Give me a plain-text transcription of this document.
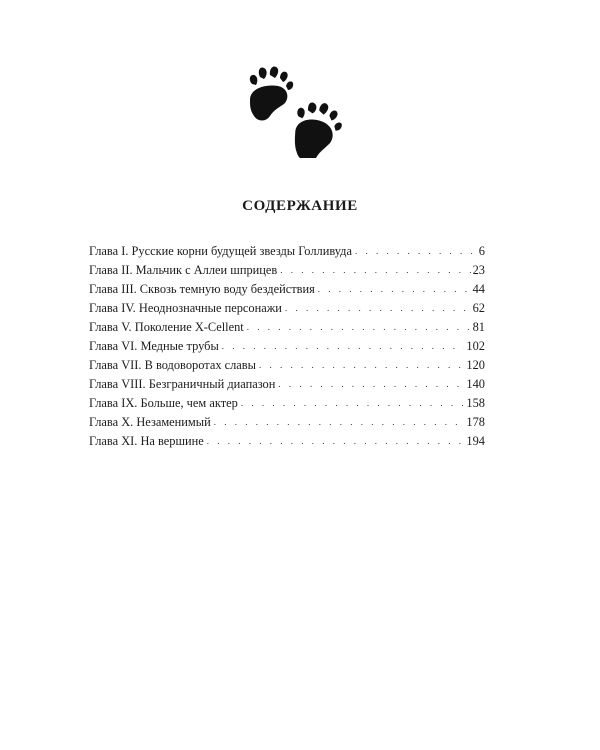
СОДЕРЖАНИЕ
Глава I. Русские корни будущей звезды Голливуда . . .	6
Глава II. Мальчик с Аллеи шприцев . . .	23
Глава III. Сквозь темную воду бездействия . . .	44
Глава IV. Неоднозначные персонажи . . .	62
Глава V. Поколение X-Cellent . . .	81
Глава VI. Медные трубы . . .	102
Глава VII. В водоворотах славы . . .	120
Глава VIII. Безграничный диапазон . . .	140
Глава IX. Больше, чем актер . . .	158
Глава X. Незаменимый . . .	178
Глава XI. На вершине . . .	194
